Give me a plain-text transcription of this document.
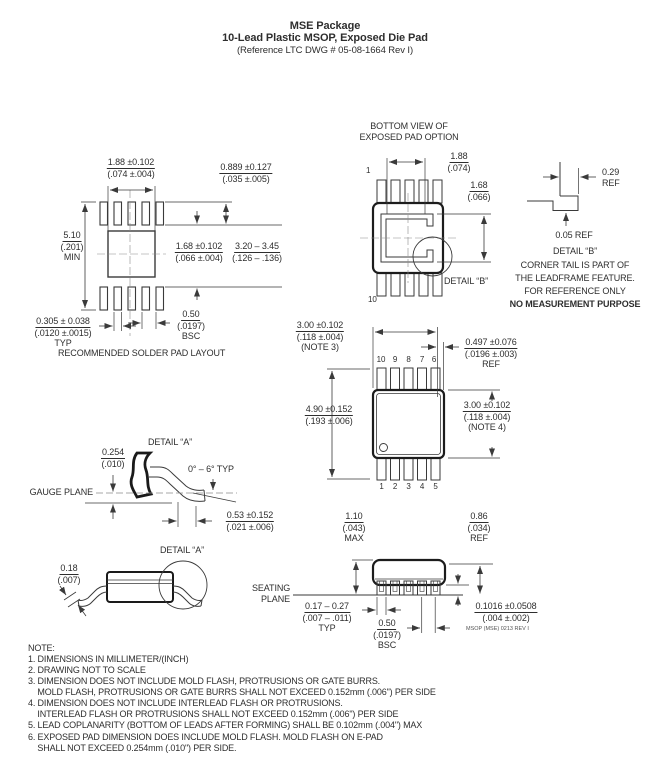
MSE Package
10-Lead Plastic MSOP, Exposed Die Pad
(Reference LTC DWG # 05-08-1664 Rev I)
1.88 ±0.102
(.074 ±.004)
0.889 ±0.127
(.035 ±.005)
5.10
(.201)
MIN
1.68 ±0.102
(.066 ±.004)
3.20 – 3.45
(.126 – .136)
0.305 ± 0.038
(.0120 ±.0015)
TYP
0.50
(.0197)
BSC
RECOMMENDED SOLDER PAD LAYOUT
BOTTOM VIEW OF
EXPOSED PAD OPTION
1.88
(.074)
1.68
(.066)
1
10
DETAIL “B”
0.29
REF
0.05 REF
DETAIL “B”
CORNER TAIL IS PART OF
THE LEADFRAME FEATURE.
FOR REFERENCE ONLY
NO MEASUREMENT PURPOSE
3.00 ±0.102
(.118 ±.004)
(NOTE 3)
0.497 ±0.076
(.0196 ±.003)
REF
4.90 ±0.152
(.193 ±.006)
3.00 ±0.102
(.118 ±.004)
(NOTE 4)
10 9 8 7 6
1 2 3 4 5
DETAIL “A”
0.254
(.010)
0° – 6° TYP
GAUGE PLANE
0.53 ±0.152
(.021 ±.006)
DETAIL “A”
0.18
(.007)
1.10
(.043)
MAX
0.86
(.034)
REF
SEATING
PLANE
0.17 – 0.27
(.007 – .011)
TYP
0.50
(.0197)
BSC
0.1016 ±0.0508
(.004 ±.002)
MSOP (MSE) 0213 REV I
NOTE:
1. DIMENSIONS IN MILLIMETER/(INCH)
2. DRAWING NOT TO SCALE
3. DIMENSION DOES NOT INCLUDE MOLD FLASH, PROTRUSIONS OR GATE BURRS.
MOLD FLASH, PROTRUSIONS OR GATE BURRS SHALL NOT EXCEED 0.152mm (.006") PER SIDE
4. DIMENSION DOES NOT INCLUDE INTERLEAD FLASH OR PROTRUSIONS.
INTERLEAD FLASH OR PROTRUSIONS SHALL NOT EXCEED 0.152mm (.006") PER SIDE
5. LEAD COPLANARITY (BOTTOM OF LEADS AFTER FORMING) SHALL BE 0.102mm (.004") MAX
6. EXPOSED PAD DIMENSION DOES INCLUDE MOLD FLASH. MOLD FLASH ON E-PAD
SHALL NOT EXCEED 0.254mm (.010") PER SIDE.
